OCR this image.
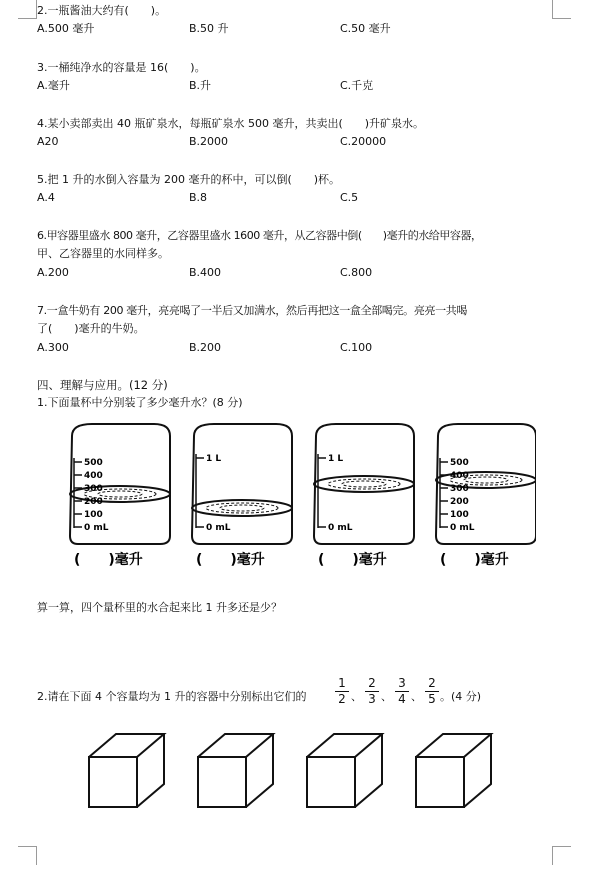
2.一瓶酱油大约有(　　)。
A.500 毫升	B.50 升	C.50 毫升
3.一桶纯净水的容量是 16(　　)。
A.毫升	B.升	C.千克
4.某小卖部卖出 40 瓶矿泉水，每瓶矿泉水 500 毫升，共卖出(　　)升矿泉水。
A20	B.2000	C.20000
5.把 1 升的水倒入容量为 200 毫升的杯中，可以倒(　　)杯。
A.4	B.8	C.5
6.甲容器里盛水 800 毫升，乙容器里盛水 1600 毫升，从乙容器中倒(　　)毫升的水给甲容器，
甲、乙容器里的水同样多。
A.200	B.400	C.800
7.一盒牛奶有 200 毫升，亮亮喝了一半后又加满水，然后再把这一盒全部喝完。亮亮一共喝
了(　　)毫升的牛奶。
A.300	B.200	C.100
四、理解与应用。(12 分)
1.下面量杯中分别装了多少毫升水？(8 分)
500
400
300
200
100
0 mL
(　　)毫升
1 L
0 mL
(　　)毫升
1 L
0 mL
(　　)毫升
500
400
300
200
100
0 mL
(　　)毫升
算一算，四个量杯里的水合起来比 1 升多还是少？
2.请在下面 4 个容量均为 1 升的容器中分别标出它们的 $\frac{1}{2}$ 、 $\frac{2}{3}$ 、 $\frac{3}{4}$ 、 $\frac{2}{5}$ 。(4 分)
